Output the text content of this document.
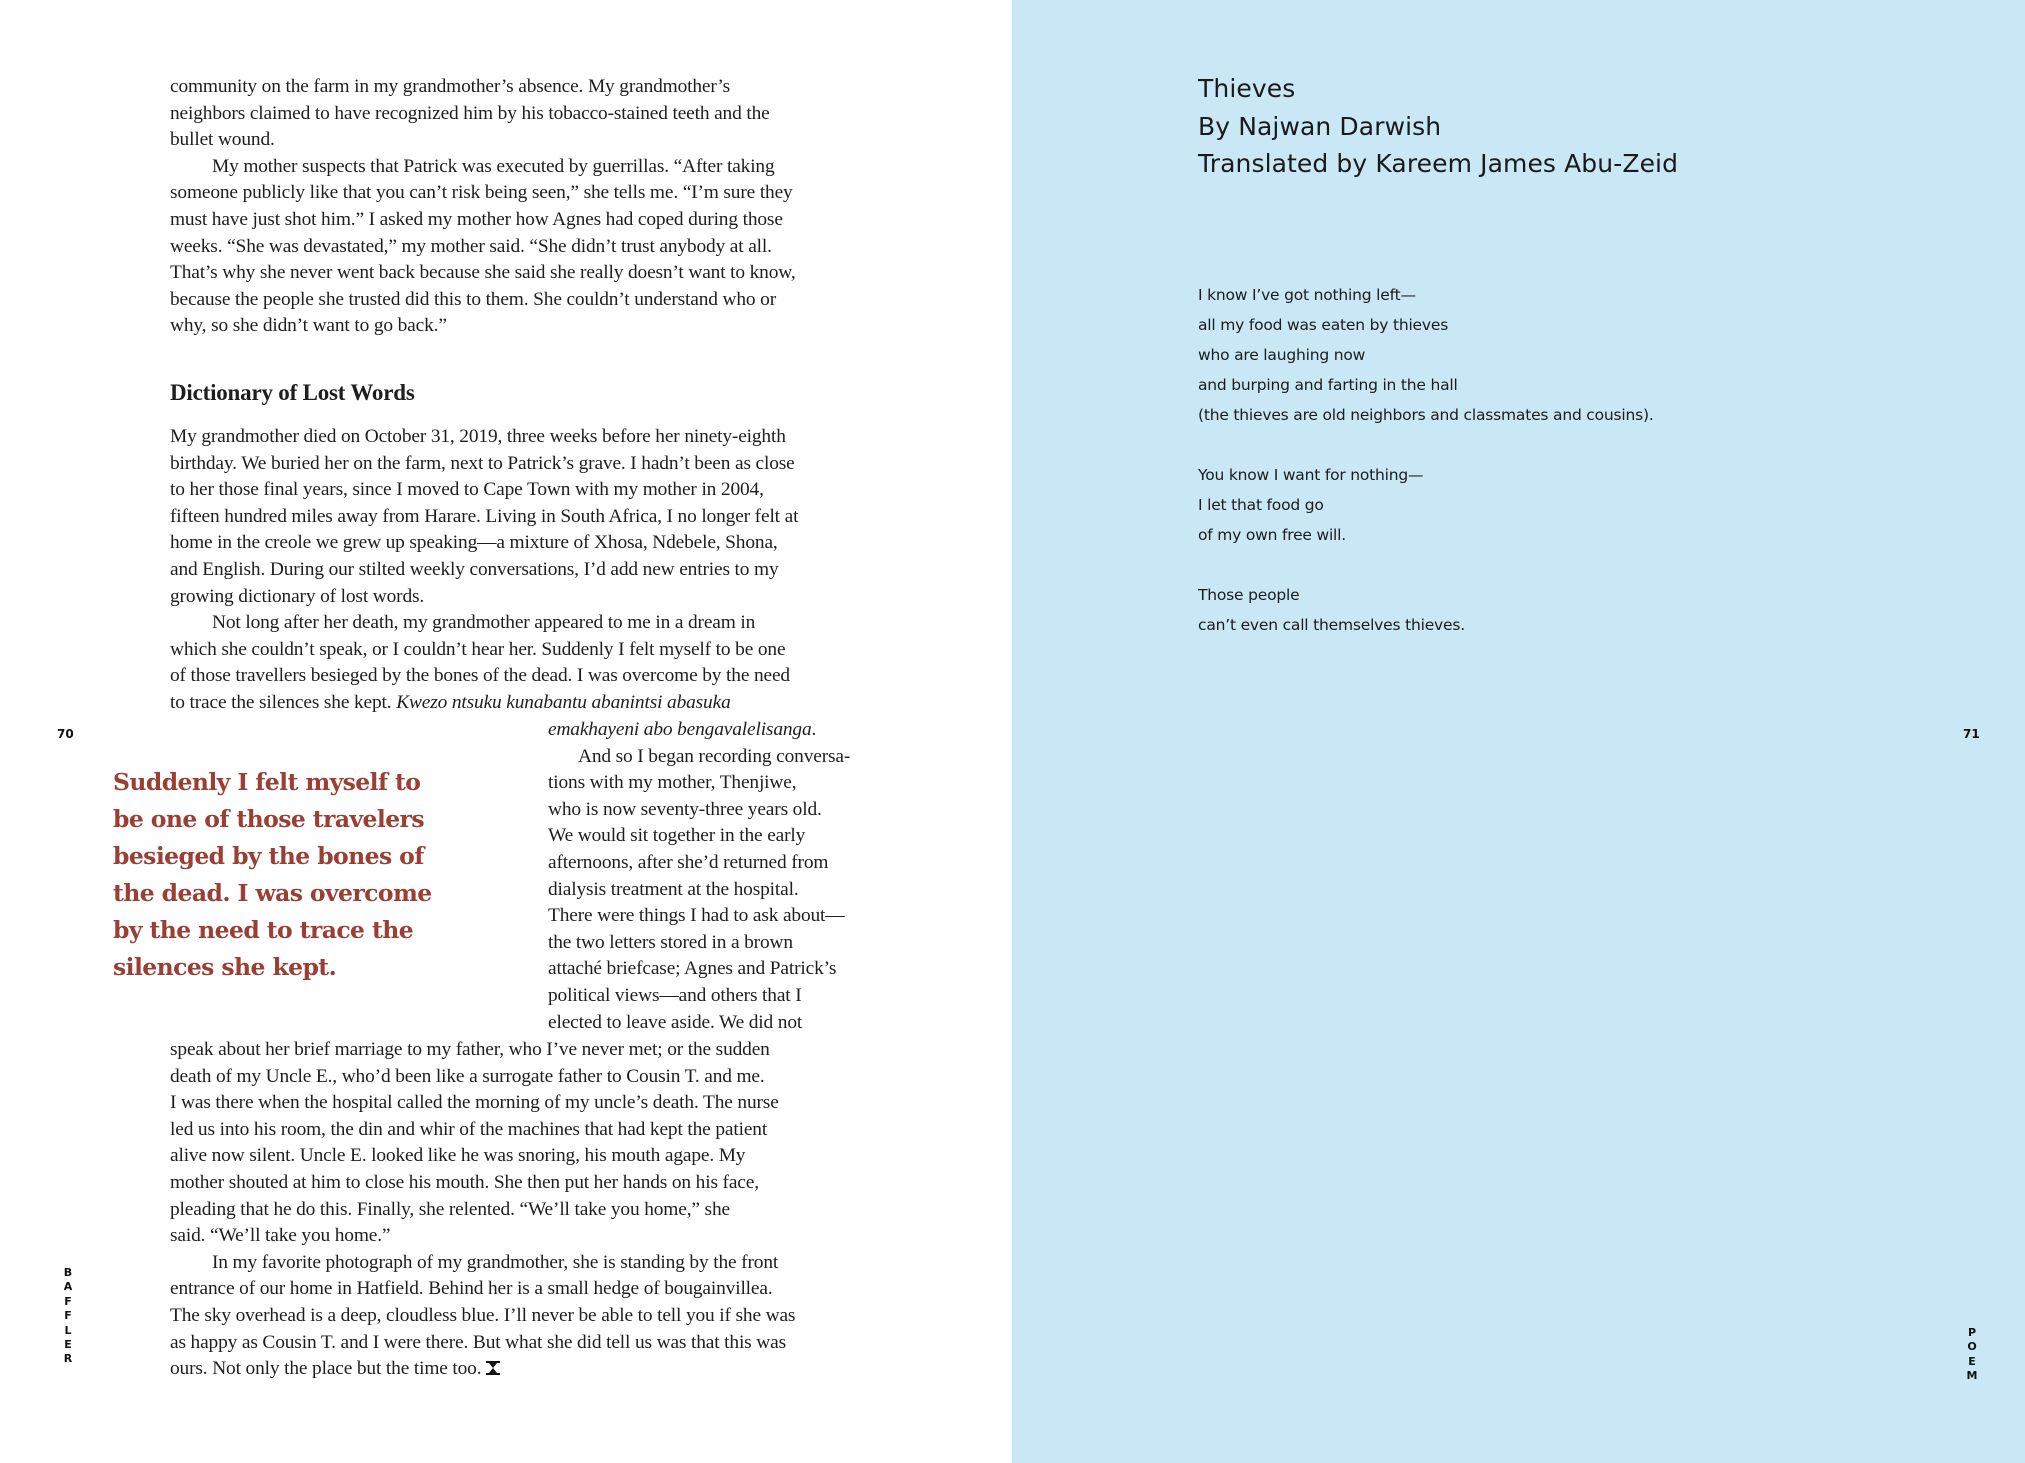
community on the farm in my grandmother’s absence. My grandmother’s
neighbors claimed to have recognized him by his tobacco-stained teeth and the
bullet wound.
My mother suspects that Patrick was executed by guerrillas. “After taking
someone publicly like that you can’t risk being seen,” she tells me. “I’m sure they
must have just shot him.” I asked my mother how Agnes had coped during those
weeks. “She was devastated,” my mother said. “She didn’t trust anybody at all.
That’s why she never went back because she said she really doesn’t want to know,
because the people she trusted did this to them. She couldn’t understand who or
why, so she didn’t want to go back.”
Dictionary of Lost Words
My grandmother died on October 31, 2019, three weeks before her ninety-eighth
birthday. We buried her on the farm, next to Patrick’s grave. I hadn’t been as close
to her those final years, since I moved to Cape Town with my mother in 2004,
fifteen hundred miles away from Harare. Living in South Africa, I no longer felt at
home in the creole we grew up speaking—a mixture of Xhosa, Ndebele, Shona,
and English. During our stilted weekly conversations, I’d add new entries to my
growing dictionary of lost words.
Not long after her death, my grandmother appeared to me in a dream in
which she couldn’t speak, or I couldn’t hear her. Suddenly I felt myself to be one
of those travellers besieged by the bones of the dead. I was overcome by the need
to trace the silences she kept. Kwezo ntsuku kunabantu abanintsi abasuka
emakhayeni abo bengavalelisanga.
And so I began recording conversa-
tions with my mother, Thenjiwe,
who is now seventy-three years old.
We would sit together in the early
afternoons, after she’d returned from
dialysis treatment at the hospital.
There were things I had to ask about—
the two letters stored in a brown
attaché briefcase; Agnes and Patrick’s
political views—and others that I
elected to leave aside. We did not
Suddenly I felt myself to
be one of those travelers
besieged by the bones of
the dead. I was overcome
by the need to trace the
silences she kept.
speak about her brief marriage to my father, who I’ve never met; or the sudden
death of my Uncle E., who’d been like a surrogate father to Cousin T. and me.
I was there when the hospital called the morning of my uncle’s death. The nurse
led us into his room, the din and whir of the machines that had kept the patient
alive now silent. Uncle E. looked like he was snoring, his mouth agape. My
mother shouted at him to close his mouth. She then put her hands on his face,
pleading that he do this. Finally, she relented. “We’ll take you home,” she
said. “We’ll take you home.”
In my favorite photograph of my grandmother, she is standing by the front
entrance of our home in Hatfield. Behind her is a small hedge of bougainvillea.
The sky overhead is a deep, cloudless blue. I’ll never be able to tell you if she was
as happy as Cousin T. and I were there. But what she did tell us was that this was
ours. Not only the place but the time too.
70
B
A
F
F
L
E
R
Thieves
By Najwan Darwish
Translated by Kareem James Abu-Zeid
I know I’ve got nothing left—
all my food was eaten by thieves
who are laughing now
and burping and farting in the hall
(the thieves are old neighbors and classmates and cousins).
You know I want for nothing—
I let that food go
of my own free will.
Those people
can’t even call themselves thieves.
71
P
O
E
M
